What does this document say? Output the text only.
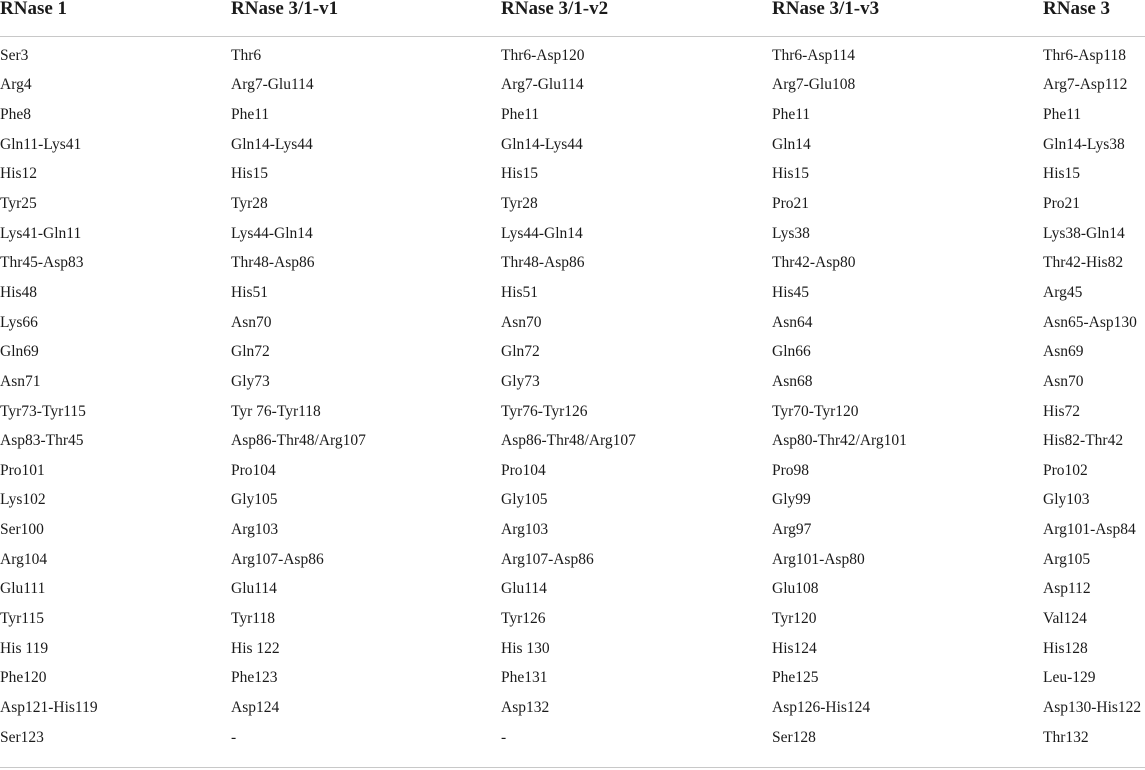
RNase 1	RNase 3/1-v1	RNase 3/1-v2	RNase 3/1-v3	RNase 3
Ser3	Thr6	Thr6-Asp120	Thr6-Asp114	Thr6-Asp118
Arg4	Arg7-Glu114	Arg7-Glu114	Arg7-Glu108	Arg7-Asp112
Phe8	Phe11	Phe11	Phe11	Phe11
Gln11-Lys41	Gln14-Lys44	Gln14-Lys44	Gln14	Gln14-Lys38
His12	His15	His15	His15	His15
Tyr25	Tyr28	Tyr28	Pro21	Pro21
Lys41-Gln11	Lys44-Gln14	Lys44-Gln14	Lys38	Lys38-Gln14
Thr45-Asp83	Thr48-Asp86	Thr48-Asp86	Thr42-Asp80	Thr42-His82
His48	His51	His51	His45	Arg45
Lys66	Asn70	Asn70	Asn64	Asn65-Asp130
Gln69	Gln72	Gln72	Gln66	Asn69
Asn71	Gly73	Gly73	Asn68	Asn70
Tyr73-Tyr115	Tyr 76-Tyr118	Tyr76-Tyr126	Tyr70-Tyr120	His72
Asp83-Thr45	Asp86-Thr48/Arg107	Asp86-Thr48/Arg107	Asp80-Thr42/Arg101	His82-Thr42
Pro101	Pro104	Pro104	Pro98	Pro102
Lys102	Gly105	Gly105	Gly99	Gly103
Ser100	Arg103	Arg103	Arg97	Arg101-Asp84
Arg104	Arg107-Asp86	Arg107-Asp86	Arg101-Asp80	Arg105
Glu111	Glu114	Glu114	Glu108	Asp112
Tyr115	Tyr118	Tyr126	Tyr120	Val124
His 119	His 122	His 130	His124	His128
Phe120	Phe123	Phe131	Phe125	Leu-129
Asp121-His119	Asp124	Asp132	Asp126-His124	Asp130-His122
Ser123	-	-	Ser128	Thr132
